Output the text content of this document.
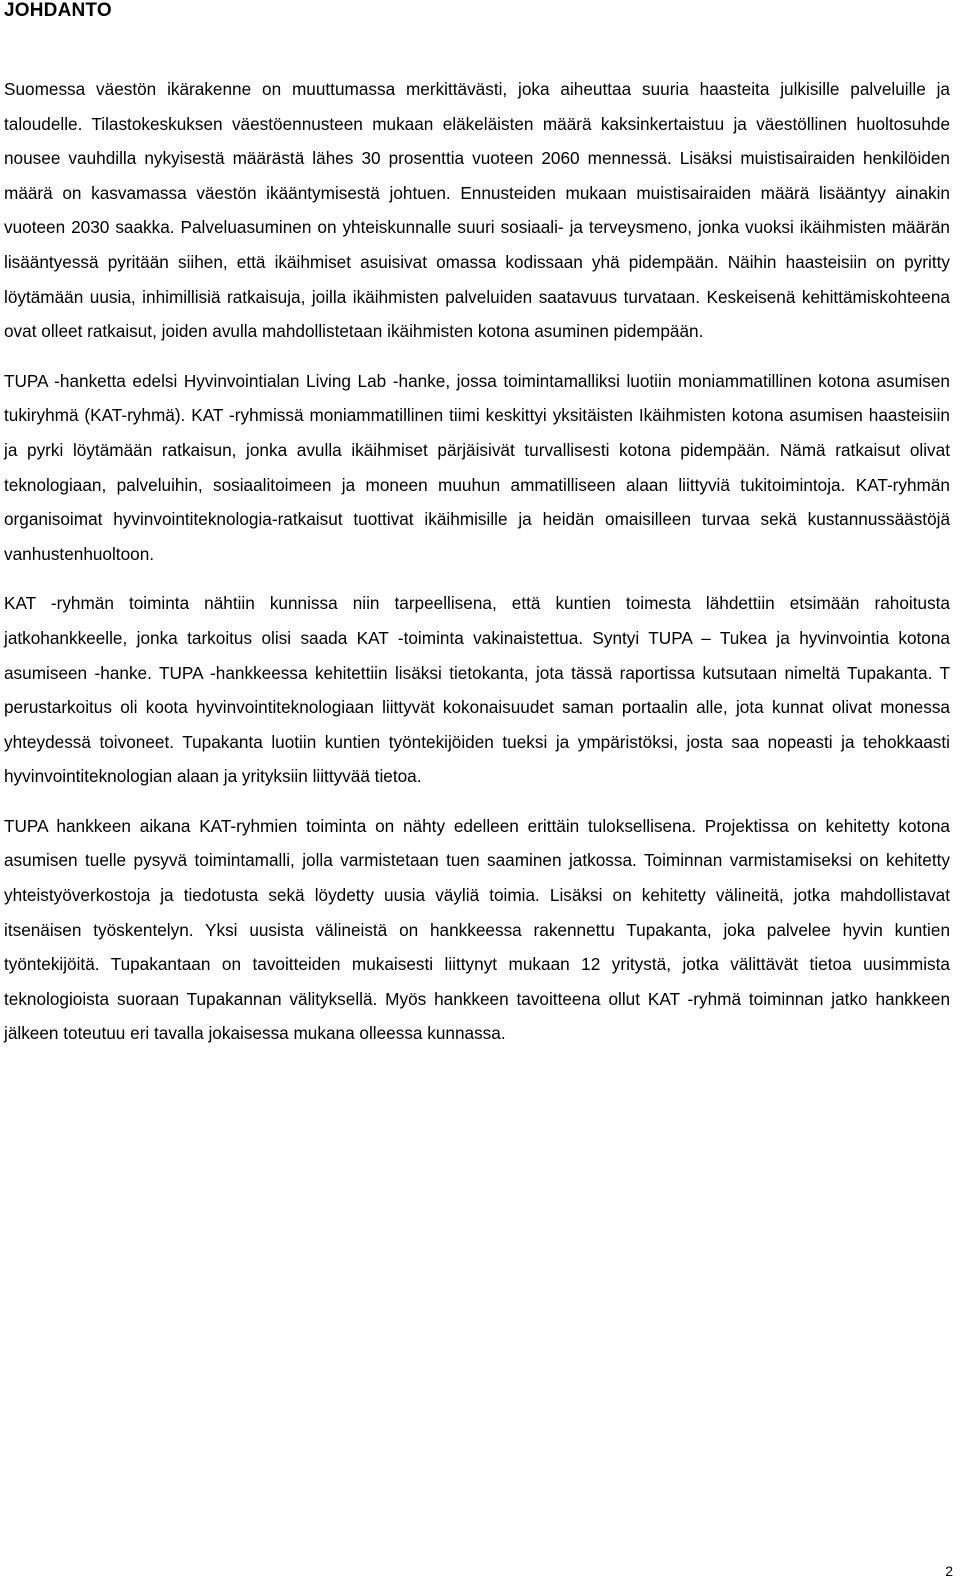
JOHDANTO

Suomessa väestön ikärakenne on muuttumassa merkittävästi, joka aiheuttaa suuria haasteita julkisille palveluille ja taloudelle. Tilastokeskuksen väestöennusteen mukaan eläkeläisten määrä kaksinkertaistuu ja väestöllinen huoltosuhde nousee vauhdilla nykyisestä määrästä lähes 30 prosenttia vuoteen 2060 mennessä. Lisäksi muistisairaiden henkilöiden määrä on kasvamassa väestön ikääntymisestä johtuen. Ennusteiden mukaan muistisairaiden määrä lisääntyy ainakin vuoteen 2030 saakka. Palveluasuminen on yhteiskunnalle suuri sosiaali- ja terveysmeno, jonka vuoksi ikäihmisten määrän lisääntyessä pyritään siihen, että ikäihmiset asuisivat omassa kodissaan yhä pidempään. Näihin haasteisiin on pyritty löytämään uusia, inhimillisiä ratkaisuja, joilla ikäihmisten palveluiden saatavuus turvataan. Keskeisenä kehittämiskohteena ovat olleet ratkaisut, joiden avulla mahdollistetaan ikäihmisten kotona asuminen pidempään.

TUPA -hanketta edelsi Hyvinvointialan Living Lab -hanke, jossa toimintamalliksi luotiin moniammatillinen kotona asumisen tukiryhmä (KAT-ryhmä). KAT -ryhmissä moniammatillinen tiimi keskittyi yksitäisten Ikäihmisten kotona asumisen haasteisiin ja pyrki löytämään ratkaisun, jonka avulla ikäihmiset pärjäisivät turvallisesti kotona pidempään. Nämä ratkaisut olivat teknologiaan, palveluihin, sosiaalitoimeen ja moneen muuhun ammatilliseen alaan liittyviä tukitoimintoja. KAT-ryhmän organisoimat hyvinvointiteknologia-ratkaisut tuottivat ikäihmisille ja heidän omaisilleen turvaa sekä kustannussäästöjä vanhustenhuoltoon.

KAT -ryhmän toiminta nähtiin kunnissa niin tarpeellisena, että kuntien toimesta lähdettiin etsimään rahoitusta jatkohankkeelle, jonka tarkoitus olisi saada KAT -toiminta vakinaistettua. Syntyi TUPA – Tukea ja hyvinvointia kotona asumiseen -hanke. TUPA -hankkeessa kehitettiin lisäksi tietokanta, jota tässä raportissa kutsutaan nimeltä Tupakanta. T perustarkoitus oli koota hyvinvointiteknologiaan liittyvät kokonaisuudet saman portaalin alle, jota kunnat olivat monessa yhteydessä toivoneet. Tupakanta luotiin kuntien työntekijöiden tueksi ja ympäristöksi, josta saa nopeasti ja tehokkaasti hyvinvointiteknologian alaan ja yrityksiin liittyvää tietoa.

TUPA hankkeen aikana KAT-ryhmien toiminta on nähty edelleen erittäin tuloksellisena. Projektissa on kehitetty kotona asumisen tuelle pysyvä toimintamalli, jolla varmistetaan tuen saaminen jatkossa. Toiminnan varmistamiseksi on kehitetty yhteistyöverkostoja ja tiedotusta sekä löydetty uusia väyliä toimia. Lisäksi on kehitetty välineitä, jotka mahdollistavat itsenäisen työskentelyn. Yksi uusista välineistä on hankkeessa rakennettu Tupakanta, joka palvelee hyvin kuntien työntekijöitä. Tupakantaan on tavoitteiden mukaisesti liittynyt mukaan 12 yritystä, jotka välittävät tietoa uusimmista teknologioista suoraan Tupakannan välityksellä. Myös hankkeen tavoitteena ollut KAT -ryhmä toiminnan jatko hankkeen jälkeen toteutuu eri tavalla jokaisessa mukana olleessa kunnassa.

2
